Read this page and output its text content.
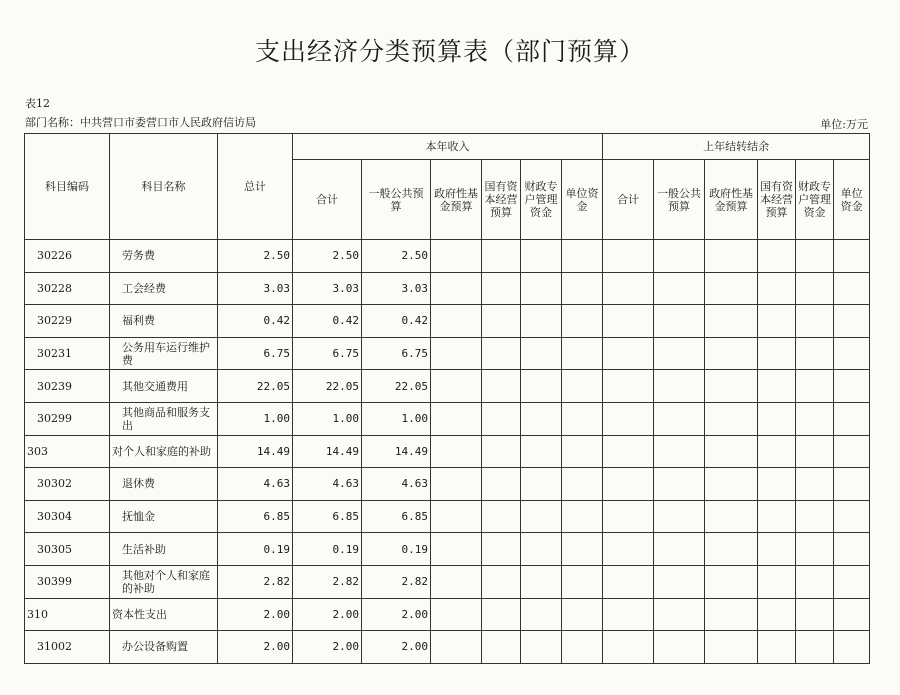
支出经济分类预算表（部门预算）
表12
部门名称：中共营口市委营口市人民政府信访局	单位:万元
科目编码	科目名称	总计	本年收入						上年结转结余					
			合计	一般公共预算	政府性基金预算	国有资本经营预算	财政专户管理资金	单位资金	合计	一般公共预算	政府性基金预算	国有资本经营预算	财政专户管理资金	单位资金
30226	劳务费	2.50	2.50	2.50										
30228	工会经费	3.03	3.03	3.03										
30229	福利费	0.42	0.42	0.42										
30231	公务用车运行维护费	6.75	6.75	6.75										
30239	其他交通费用	22.05	22.05	22.05										
30299	其他商品和服务支出	1.00	1.00	1.00										
303	对个人和家庭的补助	14.49	14.49	14.49										
30302	退休费	4.63	4.63	4.63										
30304	抚恤金	6.85	6.85	6.85										
30305	生活补助	0.19	0.19	0.19										
30399	其他对个人和家庭的补助	2.82	2.82	2.82										
310	资本性支出	2.00	2.00	2.00										
31002	办公设备购置	2.00	2.00	2.00										
